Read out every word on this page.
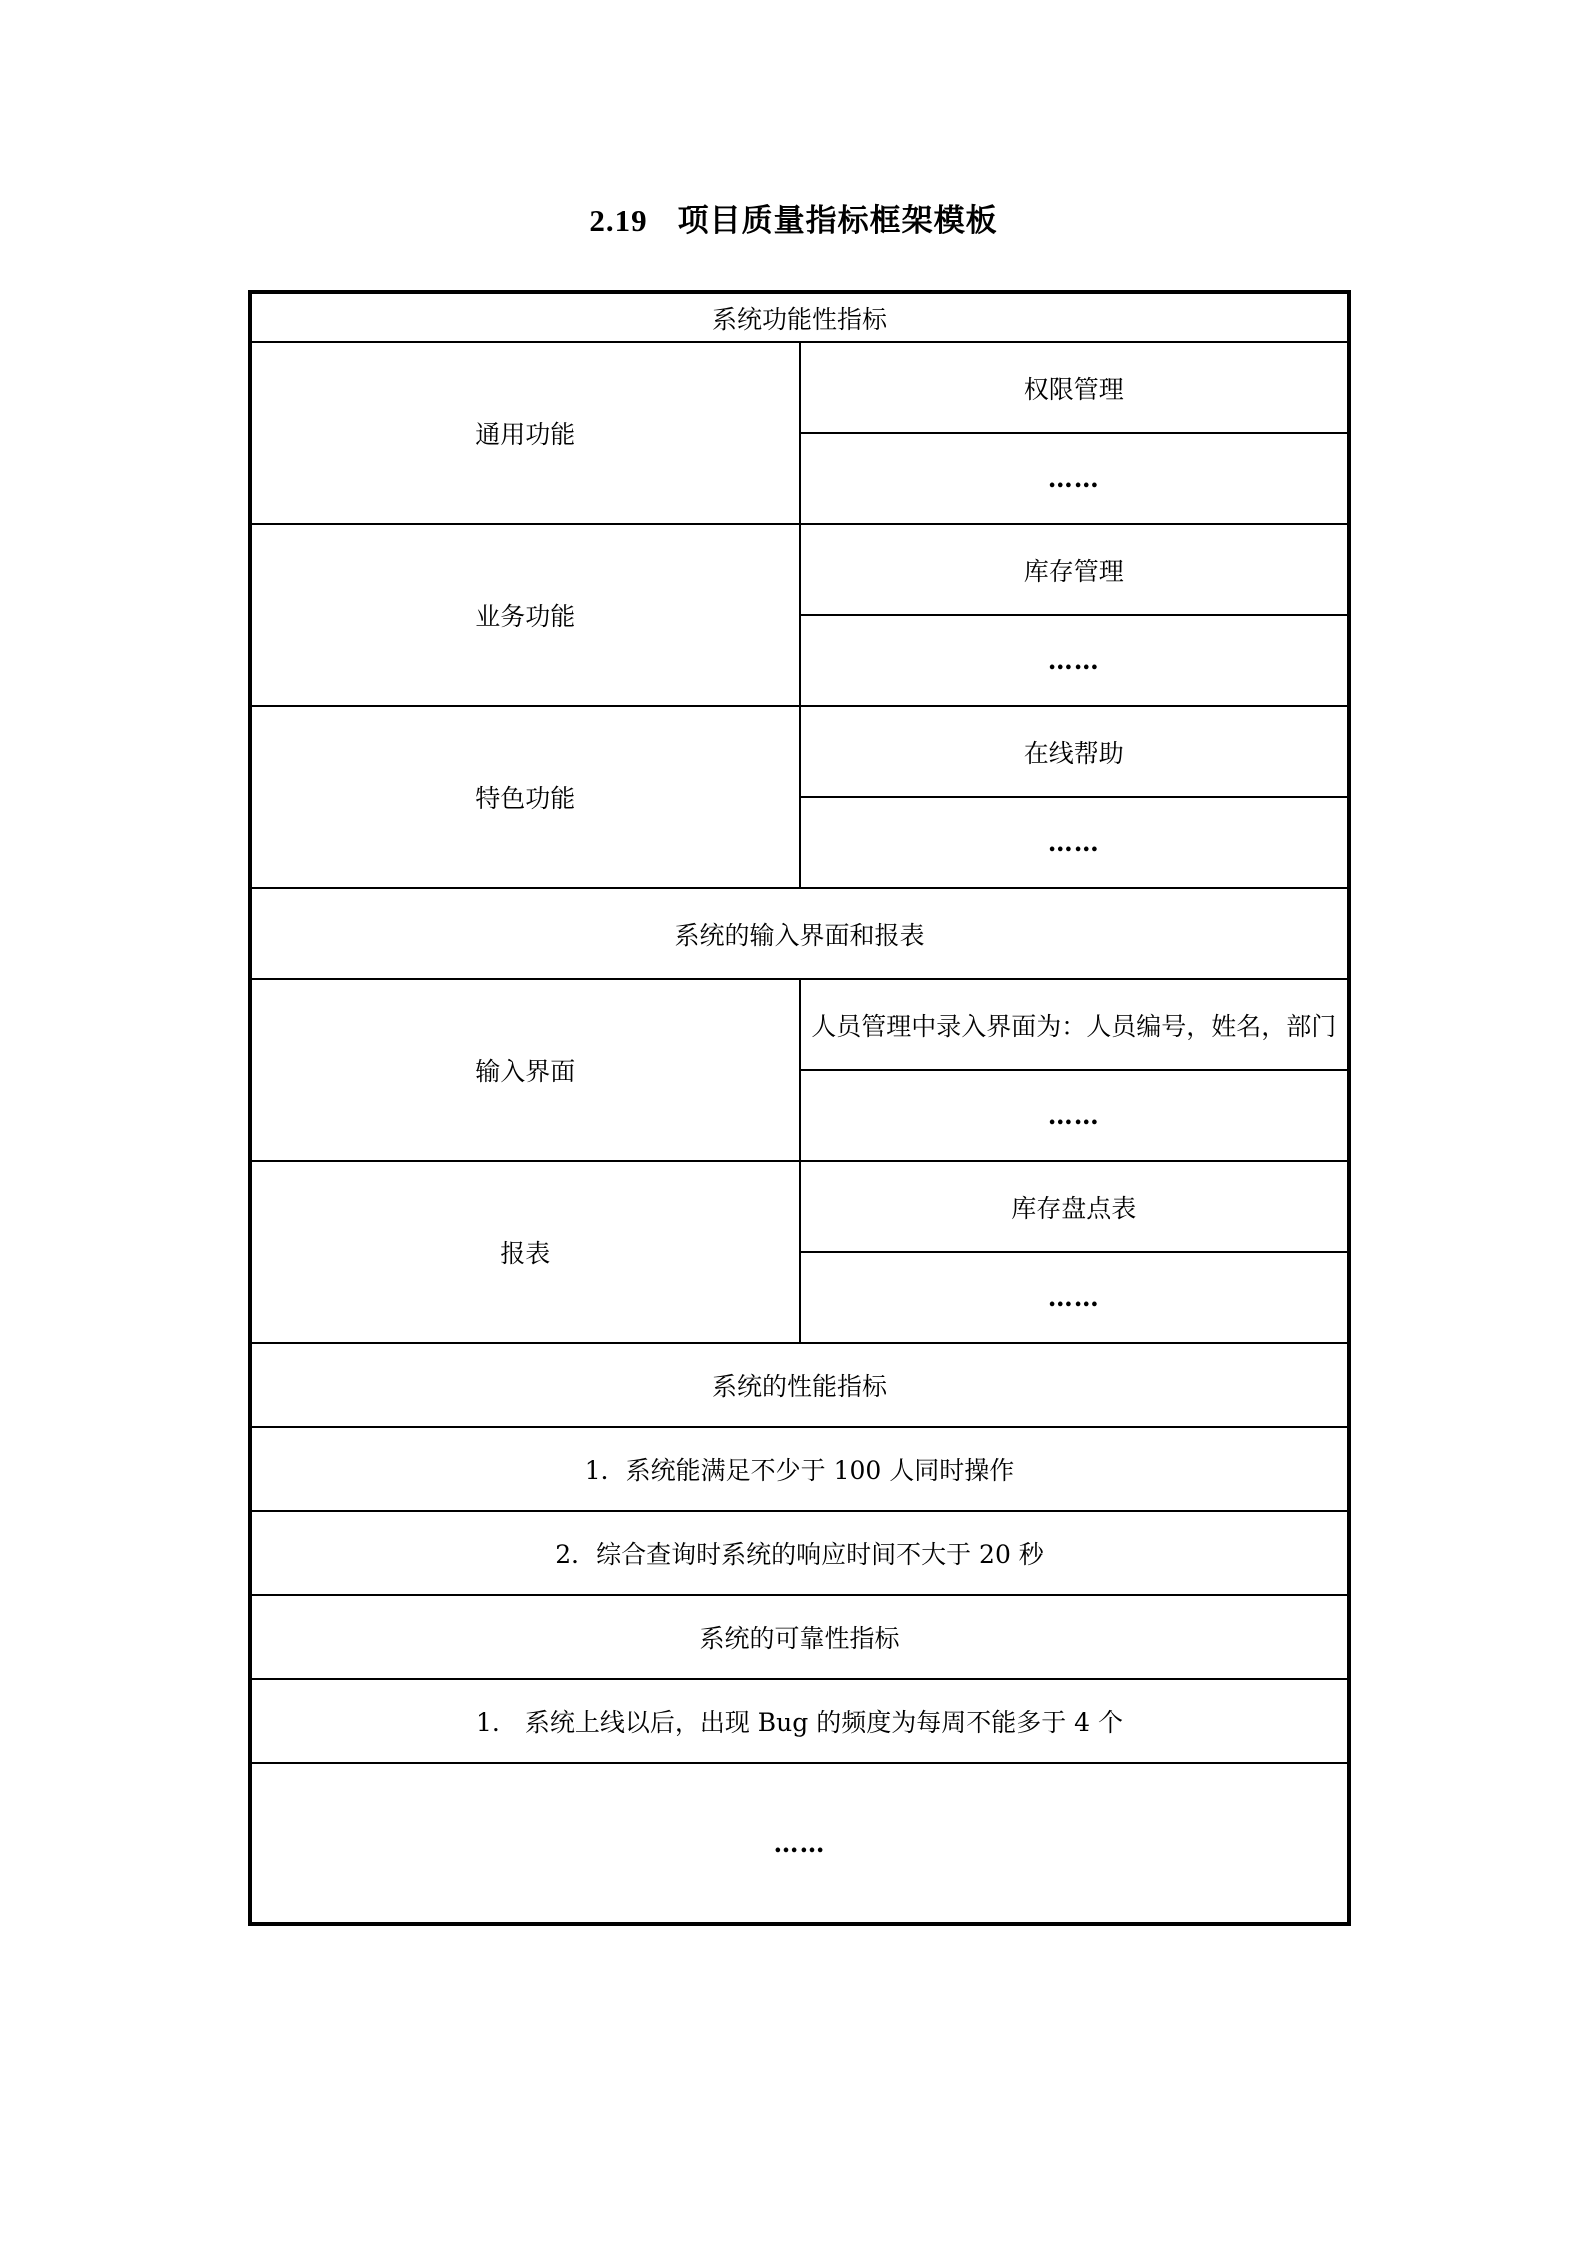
2.19 项目质量指标框架模板
系统功能性指标	
通用功能	权限管理
	……
业务功能	库存管理
	……
特色功能	在线帮助
	……
系统的输入界面和报表	
输入界面	人员管理中录入界面为：人员编号，姓名，部门
	……
报表	库存盘点表
	……
系统的性能指标	
1．系统能满足不少于 100 人同时操作	
2．综合查询时系统的响应时间不大于 20 秒	
系统的可靠性指标	
1.　系统上线以后，出现 Bug 的频度为每周不能多于 4 个	
……	
